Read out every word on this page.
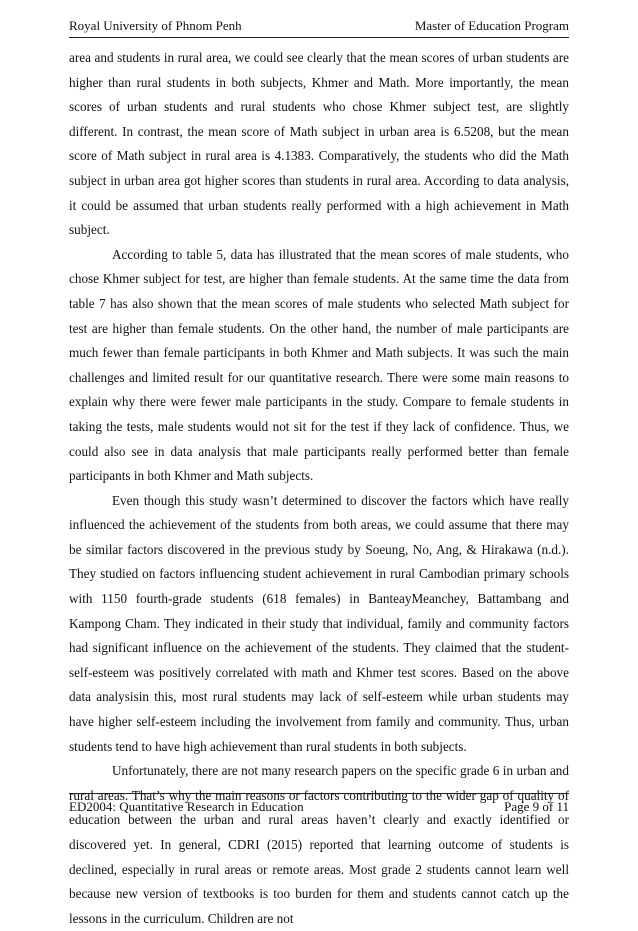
Royal University of Phnom Penh	Master of Education Program

area and students in rural area, we could see clearly that the mean scores of urban students are higher than rural students in both subjects, Khmer and Math. More importantly, the mean scores of urban students and rural students who chose Khmer subject test, are slightly different. In contrast, the mean score of Math subject in urban area is 6.5208, but the mean score of Math subject in rural area is 4.1383. Comparatively, the students who did the Math subject in urban area got higher scores than students in rural area. According to data analysis, it could be assumed that urban students really performed with a high achievement in Math subject.

According to table 5, data has illustrated that the mean scores of male students, who chose Khmer subject for test, are higher than female students. At the same time the data from table 7 has also shown that the mean scores of male students who selected Math subject for test are higher than female students. On the other hand, the number of male participants are much fewer than female participants in both Khmer and Math subjects. It was such the main challenges and limited result for our quantitative research. There were some main reasons to explain why there were fewer male participants in the study. Compare to female students in taking the tests, male students would not sit for the test if they lack of confidence. Thus, we could also see in data analysis that male participants really performed better than female participants in both Khmer and Math subjects.

Even though this study wasn’t determined to discover the factors which have really influenced the achievement of the students from both areas, we could assume that there may be similar factors discovered in the previous study by Soeung, No, Ang, & Hirakawa (n.d.). They studied on factors influencing student achievement in rural Cambodian primary schools with 1150 fourth-grade students (618 females) in BanteayMeanchey, Battambang and Kampong Cham. They indicated in their study that individual, family and community factors had significant influence on the achievement of the students. They claimed that the student-self-esteem was positively correlated with math and Khmer test scores. Based on the above data analysisin this, most rural students may lack of self-esteem while urban students may have higher self-esteem including the involvement from family and community. Thus, urban students tend to have high achievement than rural students in both subjects.

Unfortunately, there are not many research papers on the specific grade 6 in urban and rural areas. That’s why the main reasons or factors contributing to the wider gap of quality of education between the urban and rural areas haven’t clearly and exactly identified or discovered yet. In general, CDRI (2015) reported that learning outcome of students is declined, especially in rural areas or remote areas. Most grade 2 students cannot learn well because new version of textbooks is too burden for them and students cannot catch up the lessons in the curriculum. Children are not

ED2004: Quantitative Research in Education	Page 9 of 11
